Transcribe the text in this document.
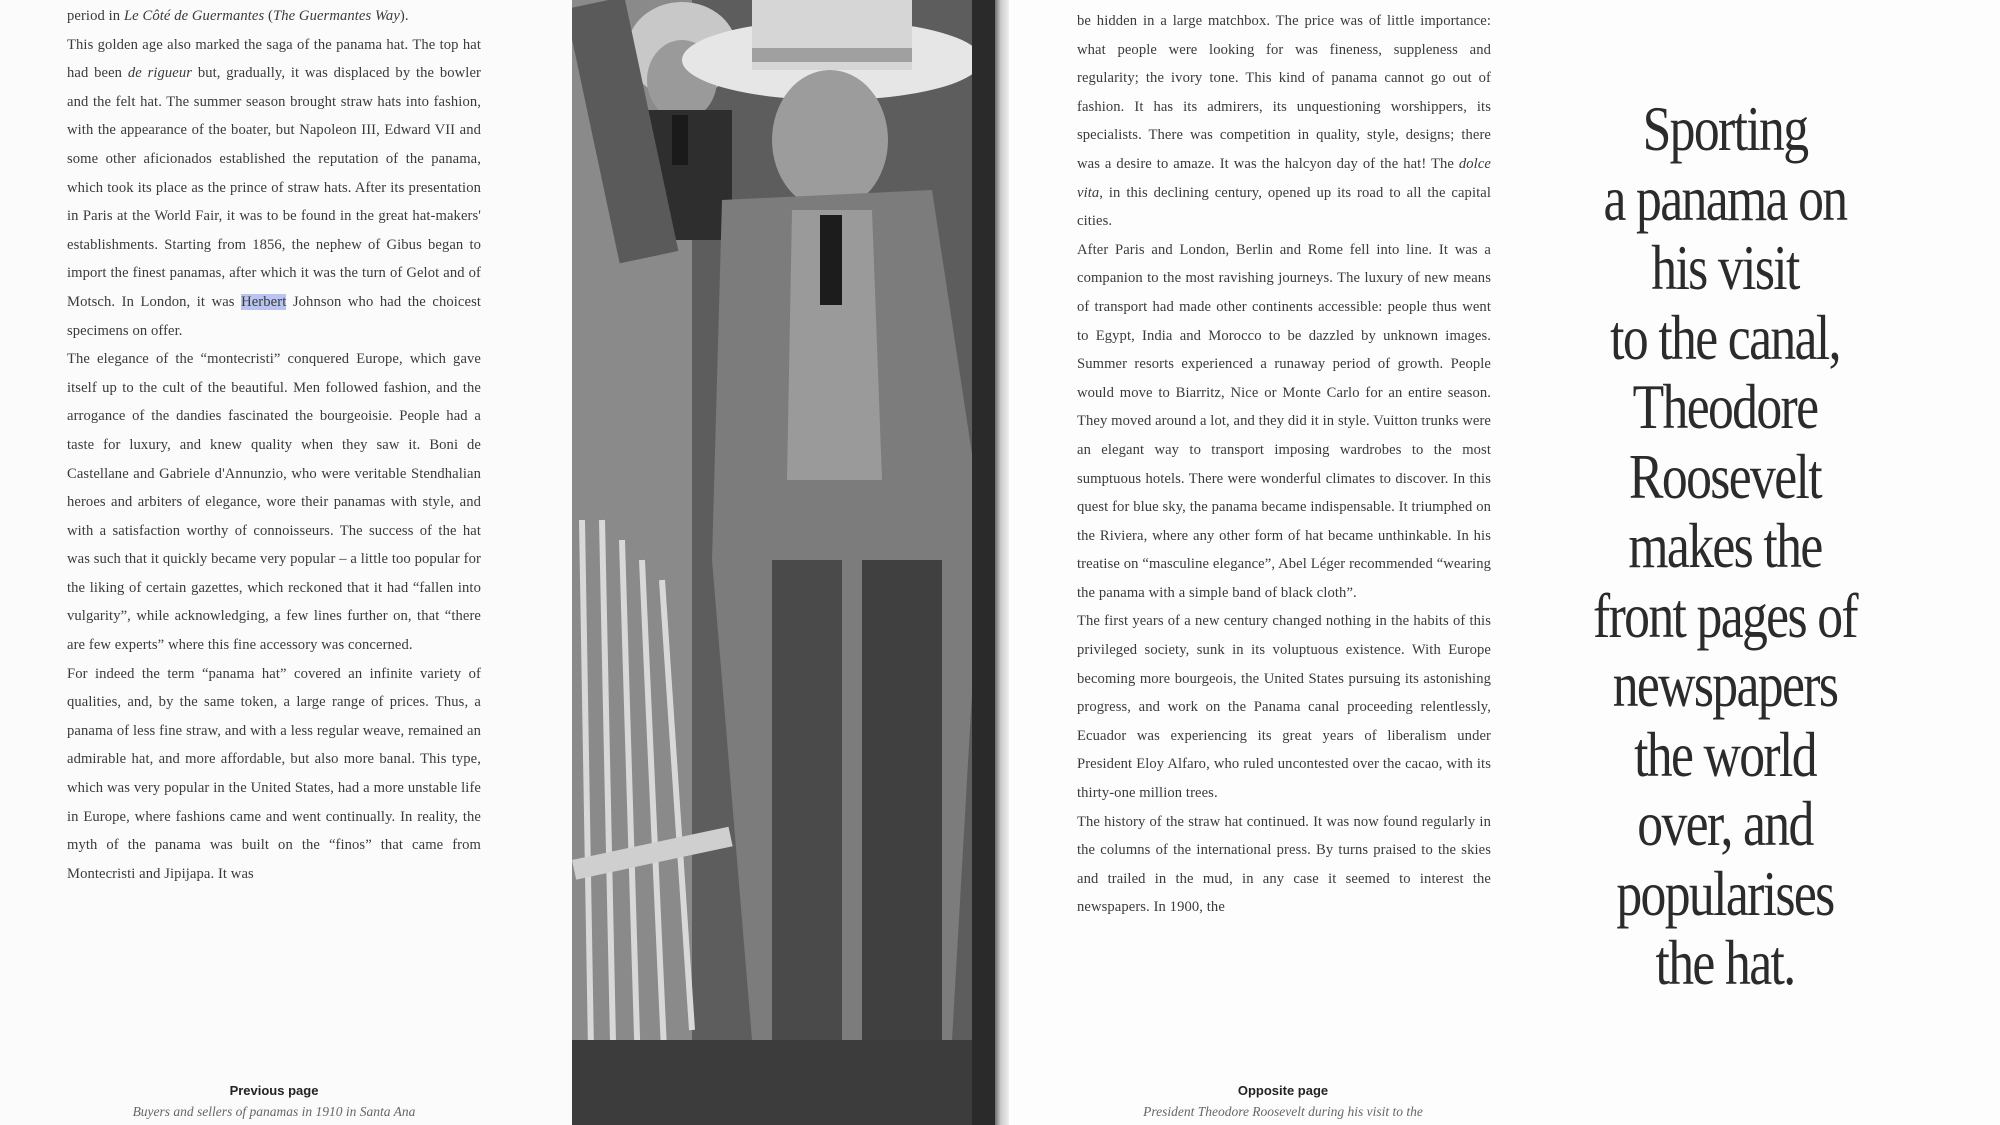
period in Le Côté de Guermantes (The Guermantes Way).

This golden age also marked the saga of the panama hat. The top hat had been de rigueur but, gradually, it was displaced by the bowler and the felt hat. The summer season brought straw hats into fashion, with the appearance of the boater, but Napoleon III, Edward VII and some other aficionados established the reputation of the panama, which took its place as the prince of straw hats. After its presentation in Paris at the World Fair, it was to be found in the great hat-makers' establishments. Starting from 1856, the nephew of Gibus began to import the finest panamas, after which it was the turn of Gelot and of Motsch. In London, it was Herbert Johnson who had the choicest specimens on offer.

The elegance of the “montecristi” conquered Europe, which gave itself up to the cult of the beautiful. Men followed fashion, and the arrogance of the dandies fascinated the bourgeoisie. People had a taste for luxury, and knew quality when they saw it. Boni de Castellane and Gabriele d'Annunzio, who were veritable Stendhalian heroes and arbiters of elegance, wore their panamas with style, and with a satisfaction worthy of connoisseurs. The success of the hat was such that it quickly became very popular – a little too popular for the liking of certain gazettes, which reckoned that it had “fallen into vulgarity”, while acknowledging, a few lines further on, that “there are few experts” where this fine accessory was concerned.

For indeed the term “panama hat” covered an infinite variety of qualities, and, by the same token, a large range of prices. Thus, a panama of less fine straw, and with a less regular weave, remained an admirable hat, and more affordable, but also more banal. This type, which was very popular in the United States, had a more unstable life in Europe, where fashions came and went continually. In reality, the myth of the panama was built on the “finos” that came from Montecristi and Jipijapa. It was

Previous page
Buyers and sellers of panamas in 1910 in Santa Ana

be hidden in a large matchbox. The price was of little importance: what people were looking for was fineness, suppleness and regularity; the ivory tone. This kind of panama cannot go out of fashion. It has its admirers, its unquestioning worshippers, its specialists. There was competition in quality, style, designs; there was a desire to amaze. It was the halcyon day of the hat! The dolce vita, in this declining century, opened up its road to all the capital cities.

After Paris and London, Berlin and Rome fell into line. It was a companion to the most ravishing journeys. The luxury of new means of transport had made other continents accessible: people thus went to Egypt, India and Morocco to be dazzled by unknown images. Summer resorts experienced a runaway period of growth. People would move to Biarritz, Nice or Monte Carlo for an entire season. They moved around a lot, and they did it in style. Vuitton trunks were an elegant way to transport imposing wardrobes to the most sumptuous hotels. There were wonderful climates to discover. In this quest for blue sky, the panama became indispensable. It triumphed on the Riviera, where any other form of hat became unthinkable. In his treatise on “masculine elegance”, Abel Léger recommended “wearing the panama with a simple band of black cloth”.

The first years of a new century changed nothing in the habits of this privileged society, sunk in its voluptuous existence. With Europe becoming more bourgeois, the United States pursuing its astonishing progress, and work on the Panama canal proceeding relentlessly, Ecuador was experiencing its great years of liberalism under President Eloy Alfaro, who ruled uncontested over the cacao, with its thirty-one million trees.

The history of the straw hat continued. It was now found regularly in the columns of the international press. By turns praised to the skies and trailed in the mud, in any case it seemed to interest the newspapers. In 1900, the

Opposite page
President Theodore Roosevelt during his visit to the
Sporting
a panama on
his visit
to the canal,
Theodore
Roosevelt
makes the
front pages of
newspapers
the world
over, and
popularises
the hat.
